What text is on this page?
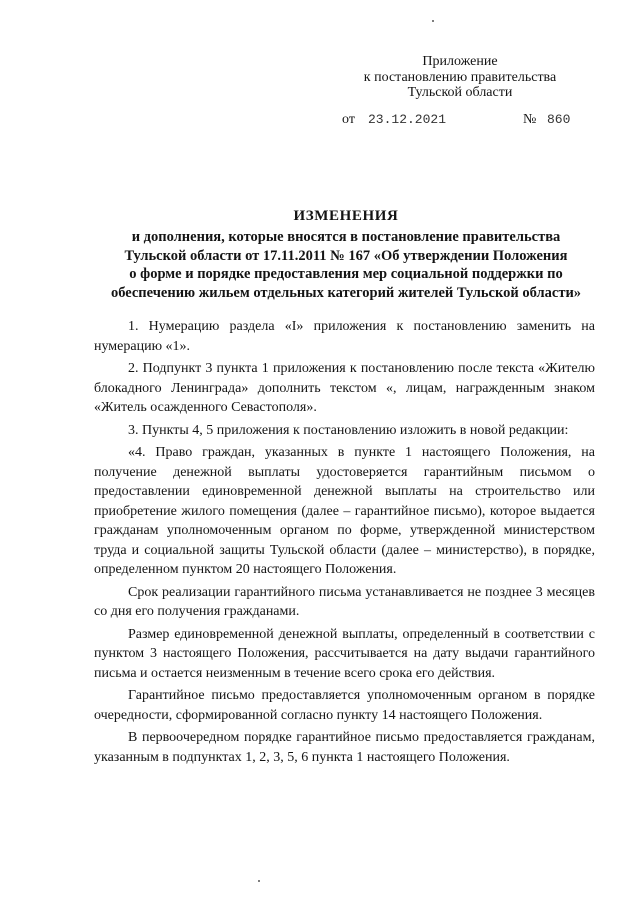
Приложение
к постановлению правительства
Тульской области
от 23.12.2021	№ 860
ИЗМЕНЕНИЯ
и дополнения, которые вносятся в постановление правительства
Тульской области от 17.11.2011 № 167 «Об утверждении Положения
о форме и порядке предоставления мер социальной поддержки по
обеспечению жильем отдельных категорий жителей Тульской области»

1. Нумерацию раздела «I» приложения к постановлению заменить на нумерацию «1».

2. Подпункт 3 пункта 1 приложения к постановлению после текста «Жителю блокадного Ленинграда» дополнить текстом «, лицам, награжденным знаком «Житель осажденного Севастополя».

3. Пункты 4, 5 приложения к постановлению изложить в новой редакции:

«4. Право граждан, указанных в пункте 1 настоящего Положения, на получение денежной выплаты удостоверяется гарантийным письмом о предоставлении единовременной денежной выплаты на строительство или приобретение жилого помещения (далее – гарантийное письмо), которое выдается гражданам уполномоченным органом по форме, утвержденной министерством труда и социальной защиты Тульской области (далее – министерство), в порядке, определенном пунктом 20 настоящего Положения.

Срок реализации гарантийного письма устанавливается не позднее 3 месяцев со дня его получения гражданами.

Размер единовременной денежной выплаты, определенный в соответствии с пунктом 3 настоящего Положения, рассчитывается на дату выдачи гарантийного письма и остается неизменным в течение всего срока его действия.

Гарантийное письмо предоставляется уполномоченным органом в порядке очередности, сформированной согласно пункту 14 настоящего Положения.

В первоочередном порядке гарантийное письмо предоставляется гражданам, указанным в подпунктах 1, 2, 3, 5, 6 пункта 1 настоящего Положения.
